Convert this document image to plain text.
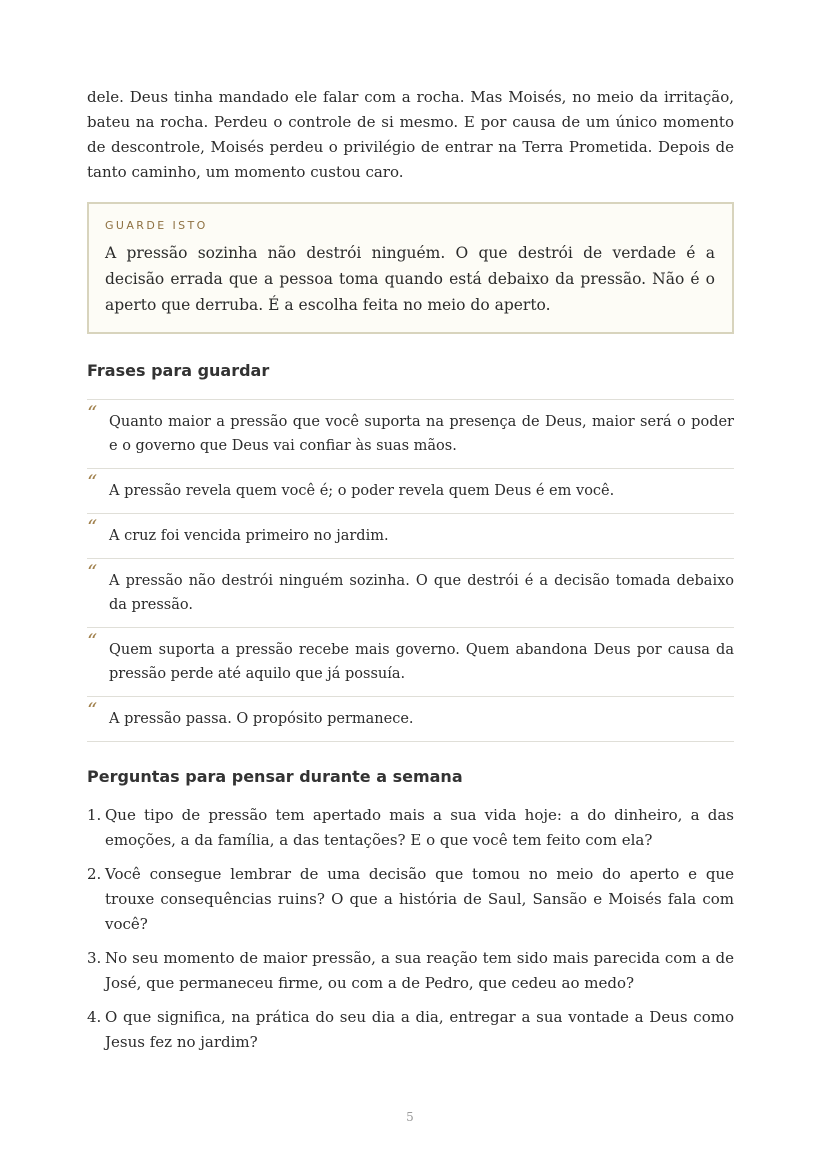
dele. Deus tinha mandado ele falar com a rocha. Mas Moisés, no meio da irritação, bateu na rocha. Perdeu o controle de si mesmo. E por causa de um único momento de descontrole, Moisés perdeu o privilégio de entrar na Terra Prometida. Depois de tanto caminho, um momento custou caro.

GUARDE ISTO

A pressão sozinha não destrói ninguém. O que destrói de verdade é a decisão errada que a pessoa toma quando está debaixo da pressão. Não é o aperto que derruba. É a escolha feita no meio do aperto.

Frases para guardar
“ Quanto maior a pressão que você suporta na presença de Deus, maior será o poder e o governo que Deus vai confiar às suas mãos.
“ A pressão revela quem você é; o poder revela quem Deus é em você.
“ A cruz foi vencida primeiro no jardim.
“ A pressão não destrói ninguém sozinha. O que destrói é a decisão tomada debaixo da pressão.
“ Quem suporta a pressão recebe mais governo. Quem abandona Deus por causa da pressão perde até aquilo que já possuía.
“ A pressão passa. O propósito permanece.
Perguntas para pensar durante a semana
1. Que tipo de pressão tem apertado mais a sua vida hoje: a do dinheiro, a das emoções, a da família, a das tentações? E o que você tem feito com ela?
2. Você consegue lembrar de uma decisão que tomou no meio do aperto e que trouxe consequências ruins? O que a história de Saul, Sansão e Moisés fala com você?
3. No seu momento de maior pressão, a sua reação tem sido mais parecida com a de José, que permaneceu firme, ou com a de Pedro, que cedeu ao medo?
4. O que significa, na prática do seu dia a dia, entregar a sua vontade a Deus como Jesus fez no jardim?
5
